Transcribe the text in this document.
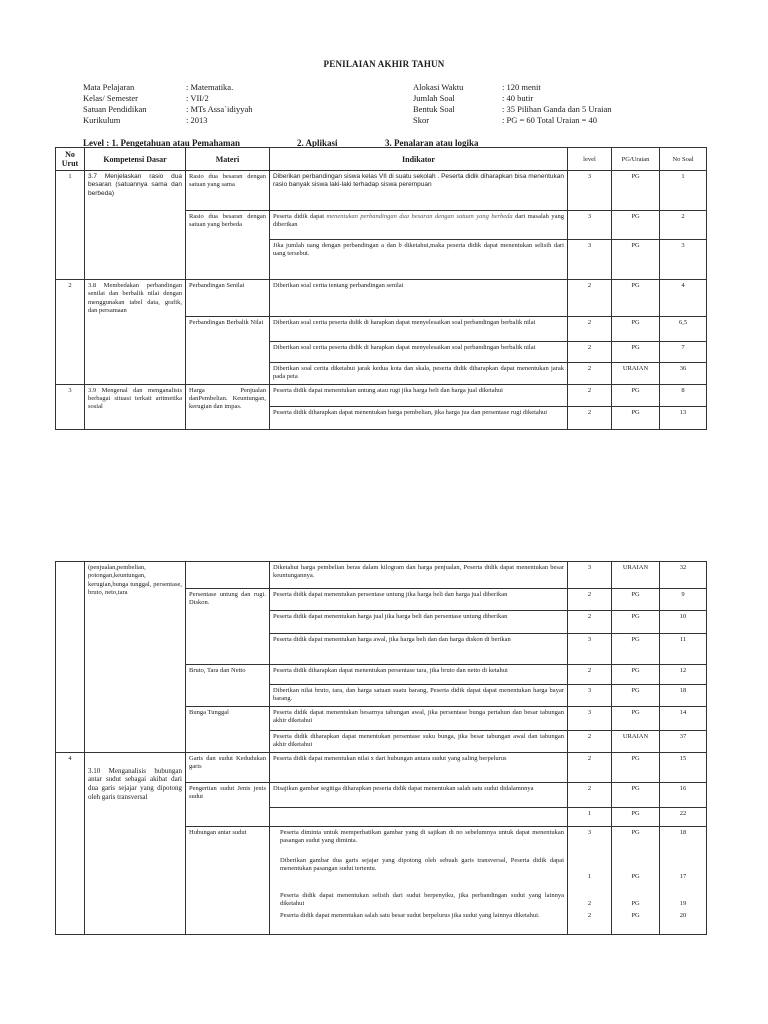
PENILAIAN AKHIR TAHUN
Mata Pelajaran	: Matematika.
Kelas/ Semester	: VII/2
Satuan Pendidikan	: MTs Assa`idiyyah
Kurikulum	: 2013
Alokasi Waktu	: 120 menit
Jumlah Soal	: 40 butir
Bentuk Soal	: 35 Pilihan Ganda dan 5 Uraian
Skor	: PG = 60 Total Uraian = 40
Level : 1. Pengetahuan atau Pemahaman	2. Aplikasi	3. Penalaran atau logika
No Urut	Kompetensi Dasar	Materi	Indikator	level	PG/Uraian	No Soal
1	3.7 Menjelaskan rasio dua besaran (satuannya sama dan berbeda)	Rasio dua besaran dengan satuan yang sama	Diberikan perbandingan siswa kelas VII di suatu sekolah . Peserta didik diharapkan bisa menentukan rasio banyak siswa laki-laki terhadap siswa perempuan	3	PG	1
		Rasio dua besaran dengan satuan yang berbeda	Peserta didik dapat menentukan perbandingan dua besaran dengan satuan yang berbeda dari masalah yang diberikan	3	PG	2
			Jika jumlah uang dengan perbandingan a dan b diketahui,maka peserta didik dapat menentukan selisih dari uang tersebut.	3	PG	3
2	3.8 Membedakan perbandingan senilai dan berbalik nilai dengan menggunakan tabel data, grafik, dan persamaan	Perbandingan Senilai	Diberikan soal cerita tentang perbandingan senilai	2	PG	4
		Perbandingan Berbalik Nilai	Diberikan soal cerita peserta didik di harapkan dapat menyelesaikan soal perbandingan berbalik nilai	2	PG	6,5
			Diberikan soal cerita peserta didik di harapkan dapat menyelesaikan soal perbandingan berbalik nilai	2	PG	7
			Diberikan soal cerita diketahui jarak kedua kota dan skala, peserta didik diharapkan dapat menentukan jarak pada peta	2	URAIAN	36
3	3.9 Mengenal dan menganalisis berbagai situasi terkait aritmetika sosial	Harga Penjualan danPembelian. Keuntungan, kerugian dan impas.	Peserta didik dapat menentukan untung atau rugi jika harga beli dan harga jual diketahui	2	PG	8
			Peserta didik diharapkan dapat menentukan harga pembelian, jika harga jua dan persentase rugi diketahui	2	PG	13
	(penjualan,pembelian, potongan,keuntungan, kerugian,bunga tunggal, persentase, bruto, neto,tara		Diketahui harga pembelian beras dalam kilogram dan harga penjualan, Peserta didik dapat menentukan besar keuntungannya.	3	URAIAN	32
		Persentase untung dan rugi. Diskon.	Peserta didik dapat menentukan persentase untung jika harga beli dan harga jual diberikan	2	PG	9
			Peserta didik dapat menentukan harga jual jika harga beli dan persentase untung diberikan	2	PG	10
			Peserta didik dapat menentukan harga awal, jika harga beli dan dan harga diskon di berikan	3	PG	11
		Bruto, Tara dan Netto	Peserta didik diharapkan dapat menentukan persentase tara, jika bruto dan netto di ketahui	2	PG	12
			Diberikan nilai bruto, tara, dan harga satuan suatu barang, Peserta didik dapat dapat menentukan harga bayar barang.	3	PG	18
		Bunga Tunggal	Peserta didik dapat menentukan besarnya tabungan awal, jika persentase bunga pertahun dan besar tabungan akhir diketahui	3	PG	14
			Peserta didik diharapkan dapat menentukan persentase suku bunga, jika besar tabungan awal dan tabungan akhir diketahui	2	URAIAN	37
4	3.10 Menganalisis hubungan antar sudut sebagai akibat dari dua garis sejajar yang dipotong oleh garis transversal	Garis dan sudut Kedudukan garis	Peserta didik dapat menentukan nilai x dari hubungan antara sudut yang saling berpelurus	2	PG	15
		Pengertian sudut Jenis jenis sudut	Disajikan gambar segitiga diharapkan peserta didik dapat menentukan salah satu sudut didalamnnya	2	PG	16
				1	PG	22
		Hubungan antar sudut	Peserta diminta untuk memperhatikan gambar yang di sajikan di no sebelumnya untuk dapat menentukan pasangan sudut yang diminta.	3	PG	18
			Diberikan gambar dua garis sejajar yang dipotong oleh sebuah garis transversal, Peserta didik dapat menentukan pasangan sudut tertentu.	1	PG	17
			Peserta didik dapat menentukan selisih dari sudut berpenyiku, jika perbandingan sudut yang lainnya diketahui	2	PG	19
			Peserta didik dapat menentukan salah satu besar sudut berpelurus jika sudut yang lainnya diketahui.	2	PG	20
